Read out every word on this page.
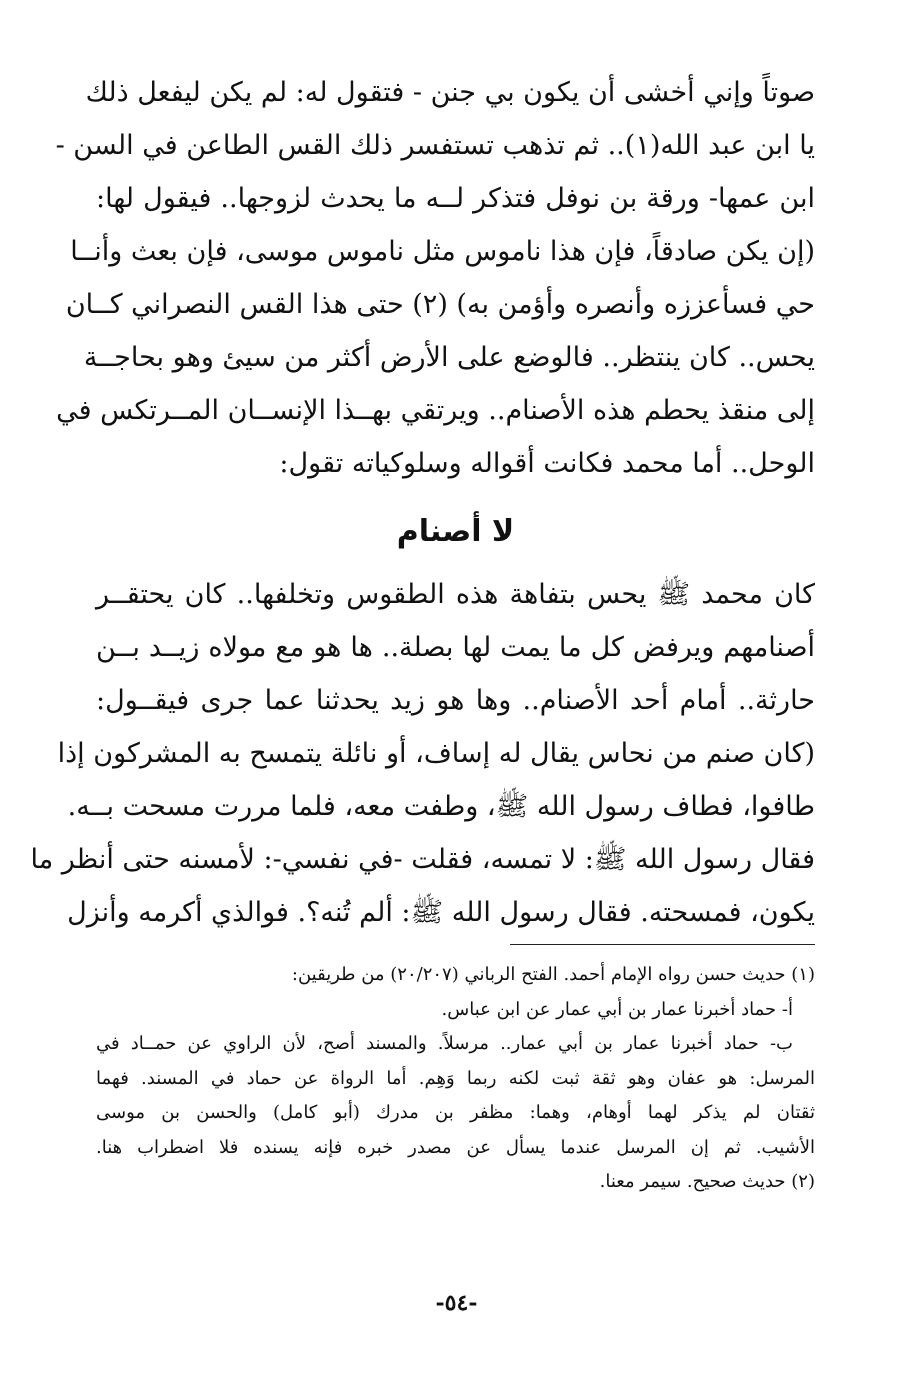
صوتاً وإني أخشى أن يكون بي جنن - فتقول له: لم يكن ليفعل ذلك
يا ابن عبد الله(١).. ثم تذهب تستفسر ذلك القس الطاعن في السن -
ابن عمها- ورقة بن نوفل فتذكر لــه ما يحدث لزوجها.. فيقول لها:
(إن يكن صادقاً، فإن هذا ناموس مثل ناموس موسى، فإن بعث وأنــا
حي فسأعززه وأنصره وأؤمن به) (٢) حتى هذا القس النصراني كــان
يحس.. كان ينتظر.. فالوضع على الأرض أكثر من سيئ وهو بحاجــة
إلى منقذ يحطم هذه الأصنام.. ويرتقي بهــذا الإنســان المــرتكس في
الوحل.. أما محمد فكانت أقواله وسلوكياته تقول:
لا أصنام
كان محمد ﷺ يحس بتفاهة هذه الطقوس وتخلفها.. كان يحتقــر
أصنامهم ويرفض كل ما يمت لها بصلة.. ها هو مع مولاه زيــد بــن
حارثة.. أمام أحد الأصنام.. وها هو زيد يحدثنا عما جرى فيقــول:
(كان صنم من نحاس يقال له إساف، أو نائلة يتمسح به المشركون إذا
طافوا، فطاف رسول الله ﷺ، وطفت معه، فلما مررت مسحت بــه.
فقال رسول الله ﷺ: لا تمسه، فقلت -في نفسي-: لأمسنه حتى أنظر ما
يكون، فمسحته. فقال رسول الله ﷺ: ألم تُنه؟. فوالذي أكرمه وأنزل
(١) حديث حسن رواه الإمام أحمد. الفتح الرباني (٢٠/٢٠٧) من طريقين:
أ- حماد أخبرنا عمار بن أبي عمار عن ابن عباس.
ب- حماد أخبرنا عمار بن أبي عمار.. مرسلاً. والمسند أصح، لأن الراوي عن حمــاد في
المرسل: هو عفان وهو ثقة ثبت لكنه ربما وَهِم. أما الرواة عن حماد في المسند. فهما
ثقتان لم يذكر لهما أوهام، وهما: مظفر بن مدرك (أبو كامل) والحسن بن موسى
الأشيب. ثم إن المرسل عندما يسأل عن مصدر خبره فإنه يسنده فلا اضطراب هنا.
(٢) حديث صحيح. سيمر معنا.
-٥٤-
